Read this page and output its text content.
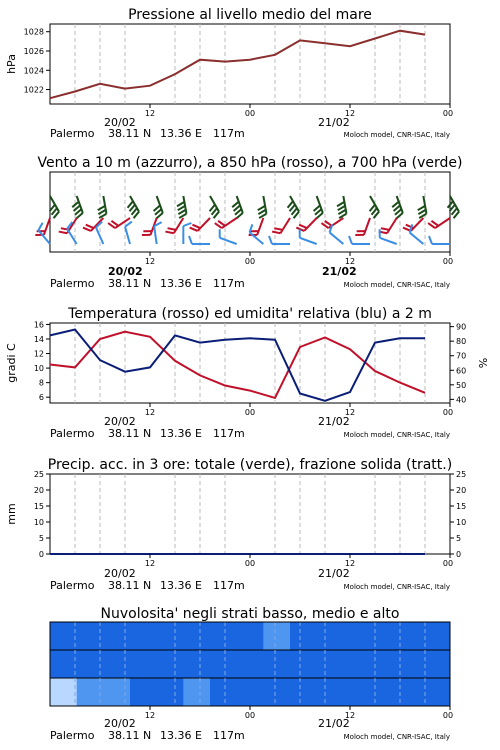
Pressione al livello medio del mare
1022
1024
1026
1028
hPa
12	00	12	00
20/02	21/02
Palermo 38.11 N 13.36 E 117m	Moloch model, CNR-ISAC, Italy
Vento a 10 m (azzurro), a 850 hPa (rosso), a 700 hPa (verde)
12	00	12	00
20/02	21/02
Palermo 38.11 N 13.36 E 117m	Moloch model, CNR-ISAC, Italy
Temperatura (rosso) ed umidita' relativa (blu) a 2 m
6
8
10
12
14
16
40
50
60
70
80
90
gradi C	%
12	00	12	00
20/02	21/02
Palermo 38.11 N 13.36 E 117m	Moloch model, CNR-ISAC, Italy
Precip. acc. in 3 ore: totale (verde), frazione solida (tratt.)
0
5
10
15
20
25
0
5
10
15
20
25
mm
12	00	12	00
20/02	21/02
Palermo 38.11 N 13.36 E 117m	Moloch model, CNR-ISAC, Italy
Nuvolosita' negli strati basso, medio e alto
12	00	12	00
20/02	21/02
Palermo 38.11 N 13.36 E 117m	Moloch model, CNR-ISAC, Italy
